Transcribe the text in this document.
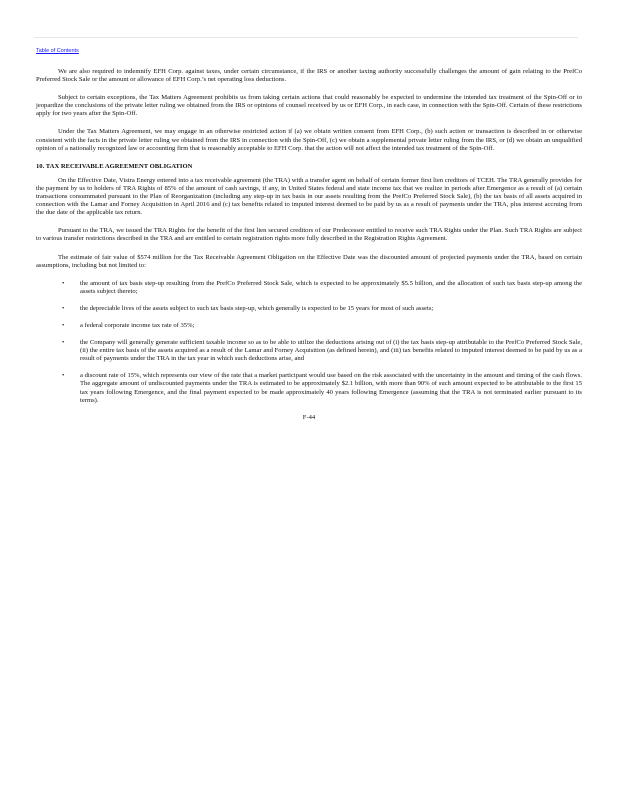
Table of Contents

We are also required to indemnify EFH Corp. against taxes, under certain circumstance, if the IRS or another taxing authority successfully challenges the amount of gain relating to the PrefCo Preferred Stock Sale or the amount or allowance of EFH Corp.’s net operating loss deductions.

Subject to certain exceptions, the Tax Matters Agreement prohibits us from taking certain actions that could reasonably be expected to undermine the intended tax treatment of the Spin-Off or to jeopardize the conclusions of the private letter ruling we obtained from the IRS or opinions of counsel received by us or EFH Corp., in each case, in connection with the Spin-Off. Certain of these restrictions apply for two years after the Spin-Off.

Under the Tax Matters Agreement, we may engage in an otherwise restricted action if (a) we obtain written consent from EFH Corp., (b) such action or transaction is described in or otherwise consistent with the facts in the private letter ruling we obtained from the IRS in connection with the Spin-Off, (c) we obtain a supplemental private letter ruling from the IRS, or (d) we obtain an unqualified opinion of a nationally recognized law or accounting firm that is reasonably acceptable to EFH Corp. that the action will not affect the intended tax treatment of the Spin-Off.

10. TAX RECEIVABLE AGREEMENT OBLIGATION

On the Effective Date, Vistra Energy entered into a tax receivable agreement (the TRA) with a transfer agent on behalf of certain former first lien creditors of TCEH. The TRA generally provides for the payment by us to holders of TRA Rights of 85% of the amount of cash savings, if any, in United States federal and state income tax that we realize in periods after Emergence as a result of (a) certain transactions consummated pursuant to the Plan of Reorganization (including any step-up in tax basis in our assets resulting from the PrefCo Preferred Stock Sale), (b) the tax basis of all assets acquired in connection with the Lamar and Forney Acquisition in April 2016 and (c) tax benefits related to imputed interest deemed to be paid by us as a result of payments under the TRA, plus interest accruing from the due date of the applicable tax return.

Pursuant to the TRA, we issued the TRA Rights for the benefit of the first lien secured creditors of our Predecessor entitled to receive such TRA Rights under the Plan. Such TRA Rights are subject to various transfer restrictions described in the TRA and are entitled to certain registration rights more fully described in the Registration Rights Agreement.

The estimate of fair value of $574 million for the Tax Receivable Agreement Obligation on the Effective Date was the discounted amount of projected payments under the TRA, based on certain assumptions, including but not limited to:

• the amount of tax basis step-up resulting from the PrefCo Preferred Stock Sale, which is expected to be approximately $5.5 billion, and the allocation of such tax basis step-up among the assets subject thereto;
• the depreciable lives of the assets subject to such tax basis step-up, which generally is expected to be 15 years for most of such assets;
• a federal corporate income tax rate of 35%;
• the Company will generally generate sufficient taxable income so as to be able to utilize the deductions arising out of (i) the tax basis step-up attributable to the PrefCo Preferred Stock Sale, (ii) the entire tax basis of the assets acquired as a result of the Lamar and Forney Acquisition (as defined herein), and (iii) tax benefits related to imputed interest deemed to be paid by us as a result of payments under the TRA in the tax year in which such deductions arise, and
• a discount rate of 15%, which represents our view of the rate that a market participant would use based on the risk associated with the uncertainty in the amount and timing of the cash flows. The aggregate amount of undiscounted payments under the TRA is estimated to be approximately $2.1 billion, with more than 90% of such amount expected to be attributable to the first 15 tax years following Emergence, and the final payment expected to be made approximately 40 years following Emergence (assuming that the TRA is not terminated earlier pursuant to its terms).
F-44
